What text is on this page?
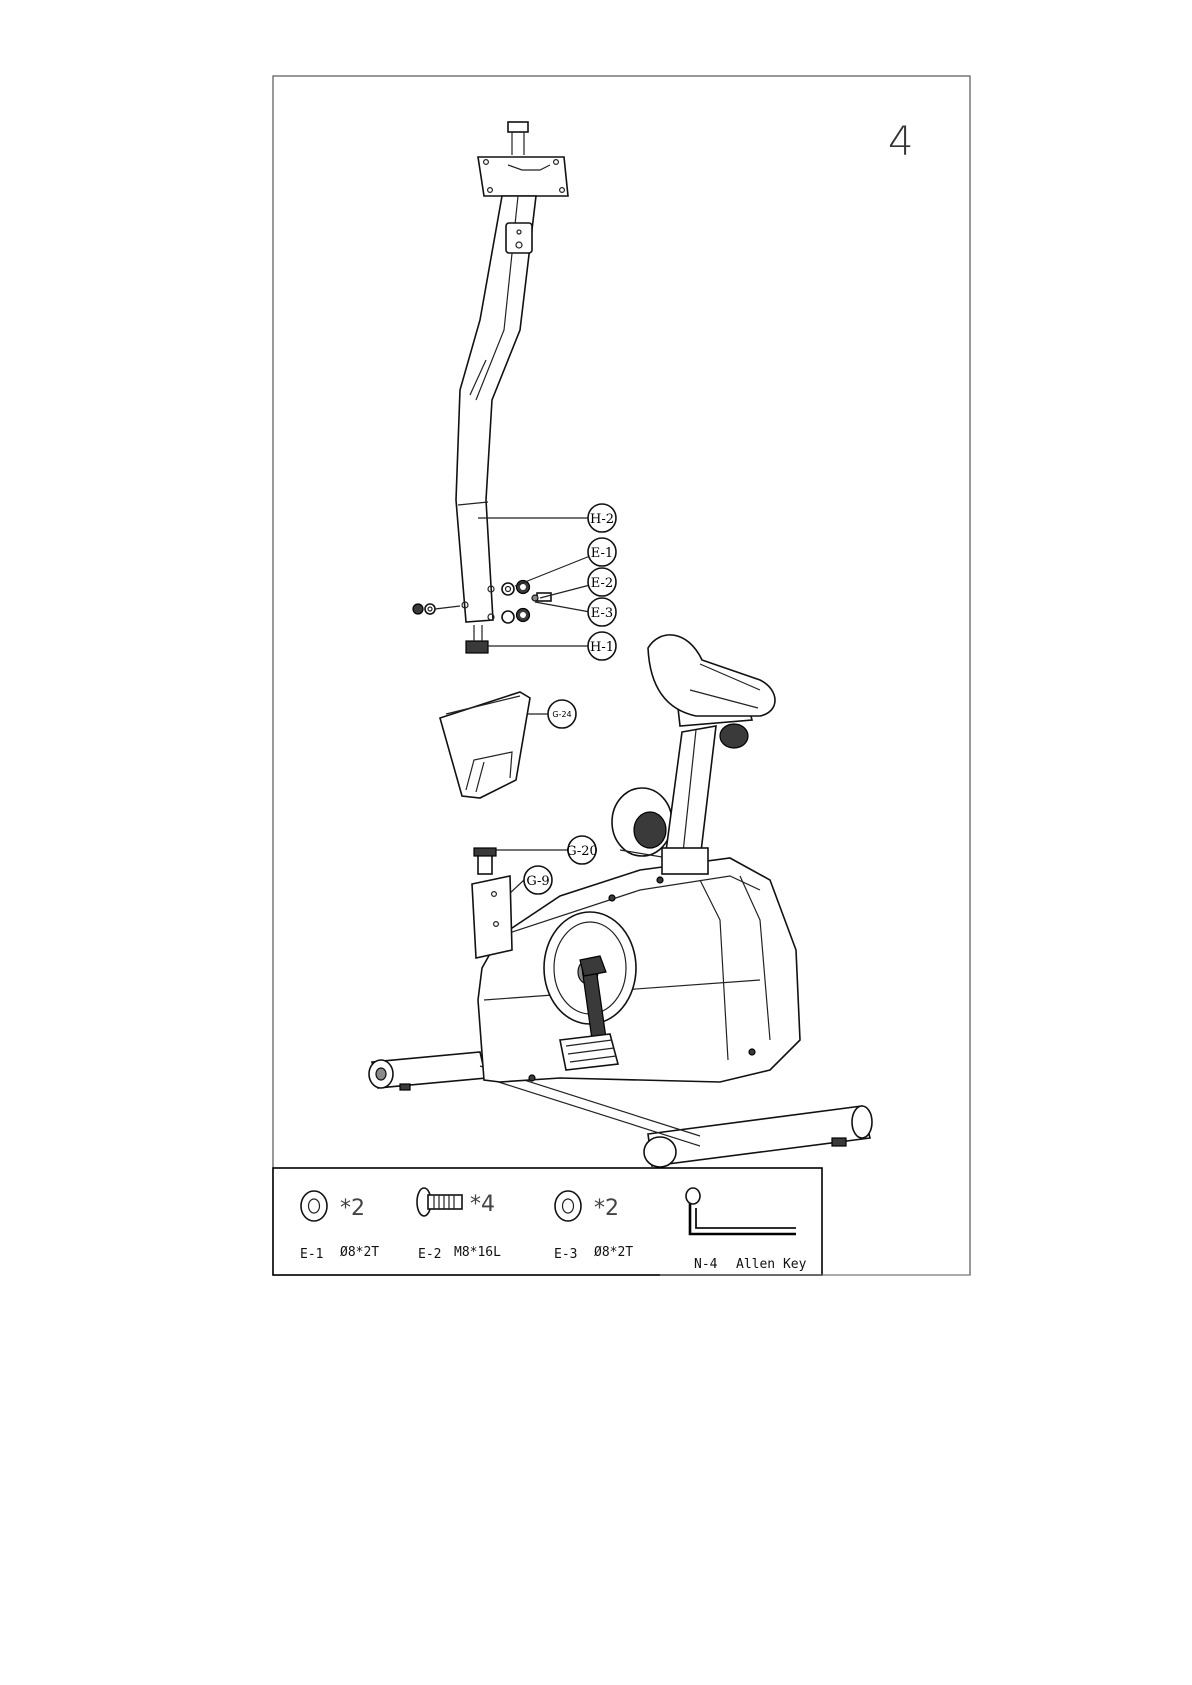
4
H-2
E-1
E-2
E-3
H-1
G-24
G-20
G-9
*2
E-1 Ø8*2T
*4
E-2 M8*16L
*2
E-3 Ø8*2T
N-4 Allen Key
